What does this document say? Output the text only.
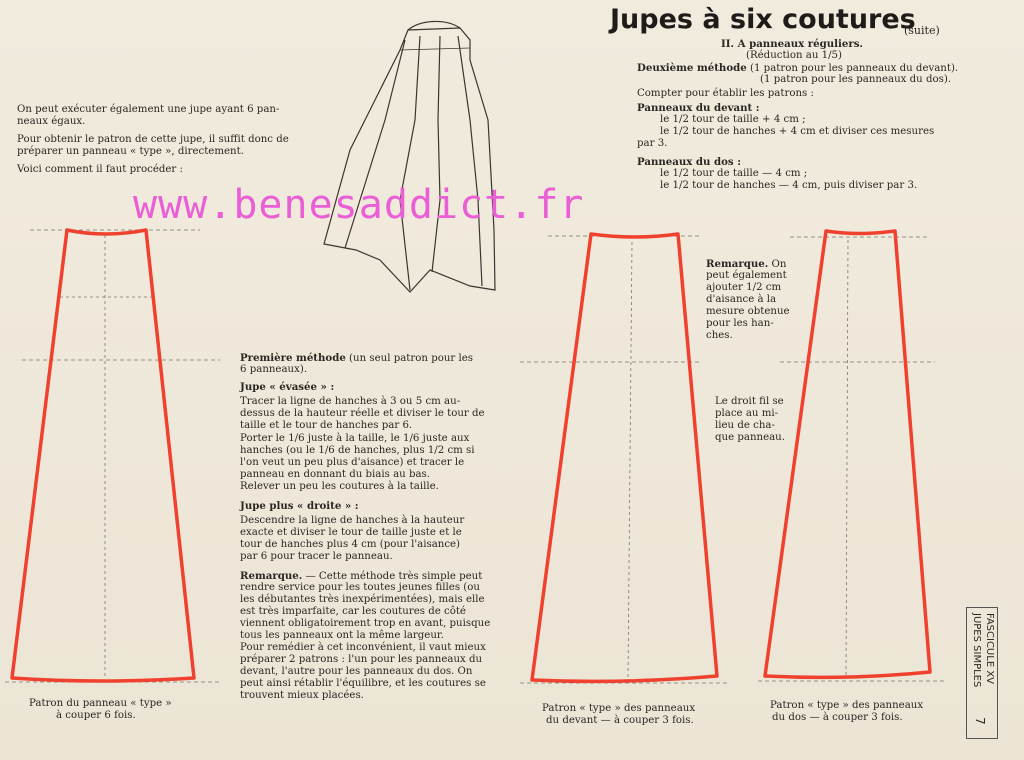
Jupes à six coutures
(suite)
II. A panneaux réguliers.
(Réduction au 1/5)
Deuxième méthode (1 patron pour les panneaux du devant).
(1 patron pour les panneaux du dos).
Compter pour établir les patrons :
Panneaux du devant :
le 1/2 tour de taille + 4 cm ;
le 1/2 tour de hanches + 4 cm et diviser ces mesures
par 3.
Panneaux du dos :
le 1/2 tour de taille — 4 cm ;
le 1/2 tour de hanches — 4 cm, puis diviser par 3.
On peut exécuter également une jupe ayant 6 pan-
neaux égaux.
Pour obtenir le patron de cette jupe, il suffit donc de
préparer un panneau « type », directement.
Voici comment il faut procéder :
www.benesaddict.fr
Remarque. On
peut également
ajouter 1/2 cm
d'aisance à la
mesure obtenue
pour les han-
ches.
Le droit fil se
place au mi-
lieu de cha-
que panneau.
Première méthode (un seul patron pour les
6 panneaux).
Jupe « évasée » :
Tracer la ligne de hanches à 3 ou 5 cm au-
dessus de la hauteur réelle et diviser le tour de
taille et le tour de hanches par 6.
Porter le 1/6 juste à la taille, le 1/6 juste aux
hanches (ou le 1/6 de hanches, plus 1/2 cm si
l'on veut un peu plus d'aisance) et tracer le
panneau en donnant du biais au bas.
Relever un peu les coutures à la taille.
Jupe plus « droite » :
Descendre la ligne de hanches à la hauteur
exacte et diviser le tour de taille juste et le
tour de hanches plus 4 cm (pour l'aisance)
par 6 pour tracer le panneau.
Remarque. — Cette méthode très simple peut
rendre service pour les toutes jeunes filles (ou
les débutantes très inexpérimentées), mais elle
est très imparfaite, car les coutures de côté
viennent obligatoirement trop en avant, puisque
tous les panneaux ont la même largeur.
Pour remédier à cet inconvénient, il vaut mieux
préparer 2 patrons : l'un pour les panneaux du
devant, l'autre pour les panneaux du dos. On
peut ainsi rétablir l'équilibre, et les coutures se
trouvent mieux placées.
Patron du panneau « type »
à couper 6 fois.
Patron « type » des panneaux
du devant — à couper 3 fois.
Patron « type » des panneaux
du dos — à couper 3 fois.
FASCICULE XV
JUPES SIMPLES
7
